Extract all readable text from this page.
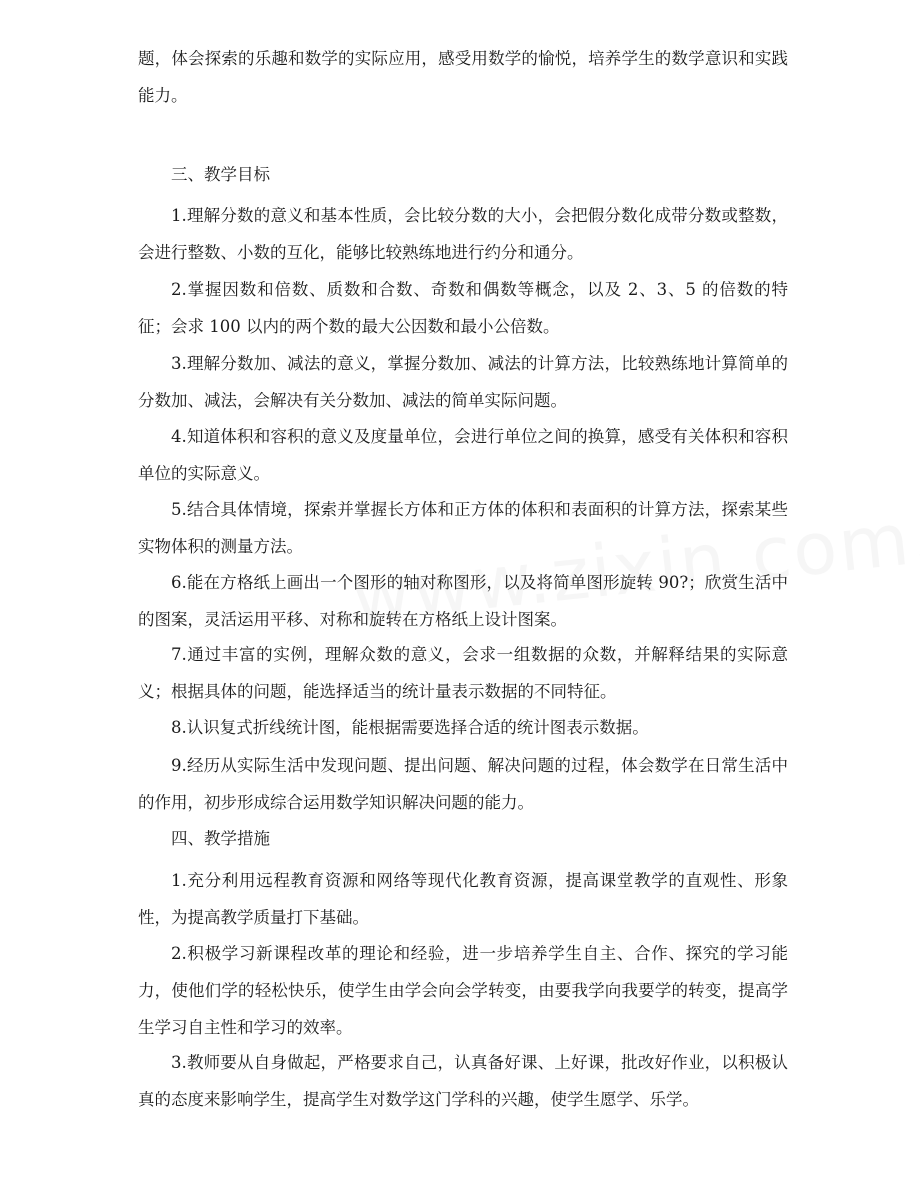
题，体会探索的乐趣和数学的实际应用，感受用数学的愉悦，培养学生的数学意识和实践能力。

三、教学目标

1.理解分数的意义和基本性质，会比较分数的大小，会把假分数化成带分数或整数，会进行整数、小数的互化，能够比较熟练地进行约分和通分。

2.掌握因数和倍数、质数和合数、奇数和偶数等概念，以及 2、3、5 的倍数的特征；会求 100 以内的两个数的最大公因数和最小公倍数。

3.理解分数加、减法的意义，掌握分数加、减法的计算方法，比较熟练地计算简单的分数加、减法，会解决有关分数加、减法的简单实际问题。

4.知道体积和容积的意义及度量单位，会进行单位之间的换算，感受有关体积和容积单位的实际意义。

5.结合具体情境，探索并掌握长方体和正方体的体积和表面积的计算方法，探索某些实物体积的测量方法。

6.能在方格纸上画出一个图形的轴对称图形，以及将简单图形旋转 90?；欣赏生活中的图案，灵活运用平移、对称和旋转在方格纸上设计图案。

7.通过丰富的实例，理解众数的意义，会求一组数据的众数，并解释结果的实际意义；根据具体的问题，能选择适当的统计量表示数据的不同特征。

8.认识复式折线统计图，能根据需要选择合适的统计图表示数据。

9.经历从实际生活中发现问题、提出问题、解决问题的过程，体会数学在日常生活中的作用，初步形成综合运用数学知识解决问题的能力。

四、教学措施

1.充分利用远程教育资源和网络等现代化教育资源，提高课堂教学的直观性、形象性，为提高教学质量打下基础。

2.积极学习新课程改革的理论和经验，进一步培养学生自主、合作、探究的学习能力，使他们学的轻松快乐，使学生由学会向会学转变，由要我学向我要学的转变，提高学生学习自主性和学习的效率。

3.教师要从自身做起，严格要求自己，认真备好课、上好课，批改好作业，以积极认真的态度来影响学生，提高学生对数学这门学科的兴趣，使学生愿学、乐学。
